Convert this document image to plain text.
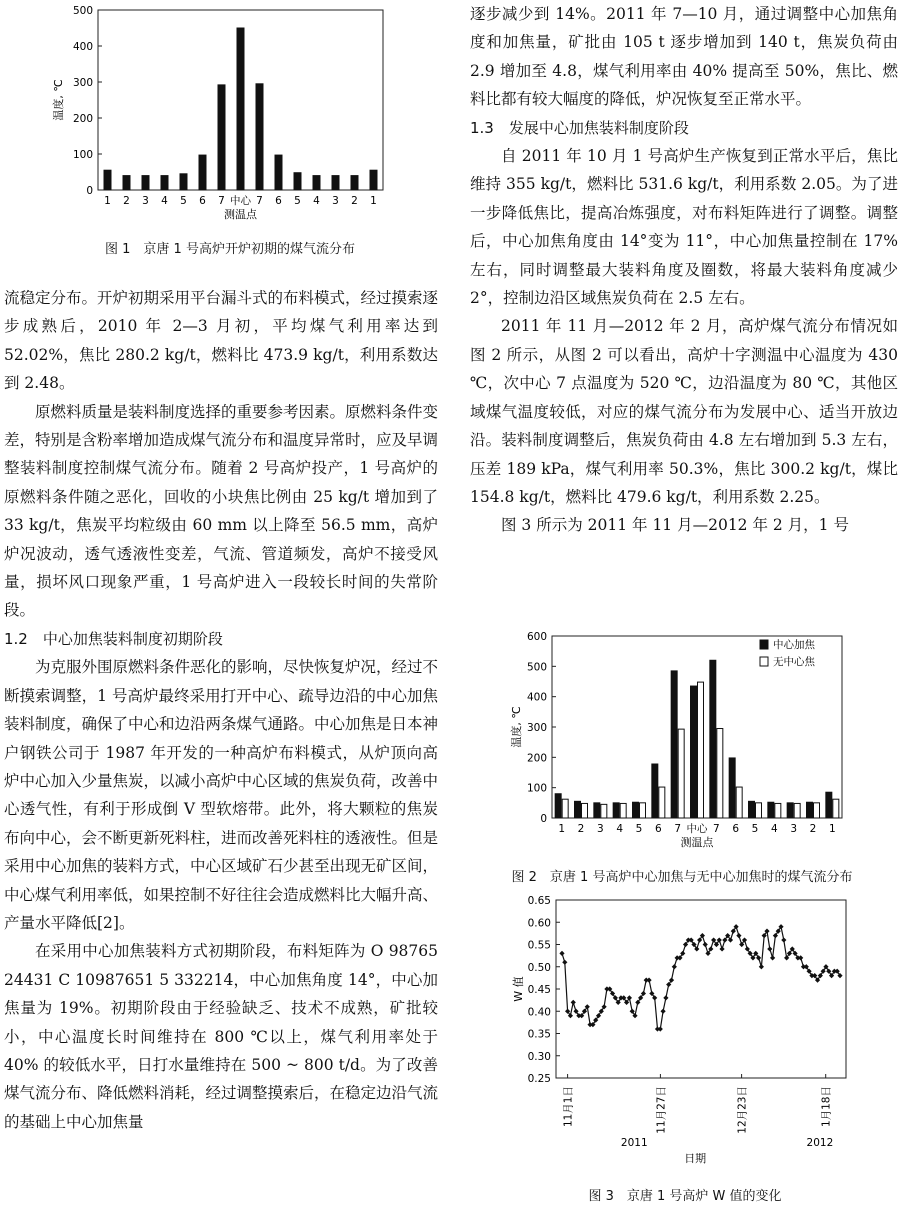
0
100
200
300
400
500
1 2 3 4 5 6 7 中心 7 6 5 4 3 2 1
测温点
温度, ℃
图 1　京唐 1 号高炉开炉初期的煤气流分布
流稳定分布。开炉初期采用平台漏斗式的布料模式，经过摸索逐步成熟后，2010 年 2—3 月初，平均煤气利用率达到 52.02%，焦比 280.2 kg/t，燃料比 473.9 kg/t，利用系数达到 2.48。
原燃料质量是装料制度选择的重要参考因素。原燃料条件变差，特别是含粉率增加造成煤气流分布和温度异常时，应及早调整装料制度控制煤气流分布。随着 2 号高炉投产，1 号高炉的原燃料条件随之恶化，回收的小块焦比例由 25 kg/t 增加到了 33 kg/t，焦炭平均粒级由 60 mm 以上降至 56.5 mm，高炉炉况波动，透气透液性变差，气流、管道频发，高炉不接受风量，损坏风口现象严重，1 号高炉进入一段较长时间的失常阶段。
1.2　中心加焦装料制度初期阶段
为克服外围原燃料条件恶化的影响，尽快恢复炉况，经过不断摸索调整，1 号高炉最终采用打开中心、疏导边沿的中心加焦装料制度，确保了中心和边沿两条煤气通路。中心加焦是日本神户钢铁公司于 1987 年开发的一种高炉布料模式，从炉顶向高炉中心加入少量焦炭，以减小高炉中心区域的焦炭负荷，改善中心透气性，有利于形成倒 V 型软熔带。此外，将大颗粒的焦炭布向中心，会不断更新死料柱，进而改善死料柱的透液性。但是采用中心加焦的装料方式，中心区域矿石少甚至出现无矿区间，中心煤气利用率低，如果控制不好往往会造成燃料比大幅升高、产量水平降低[2]。
在采用中心加焦装料方式初期阶段，布料矩阵为 O 98765 24431 C 10987651 5 332214，中心加焦角度 14°，中心加焦量为 19%。初期阶段由于经验缺乏、技术不成熟，矿批较小，中心温度长时间维持在 800 ℃以上，煤气利用率处于 40% 的较低水平，日打水量维持在 500 ~ 800 t/d。为了改善煤气流分布、降低燃料消耗，经过调整摸索后，在稳定边沿气流的基础上中心加焦量
逐步减少到 14%。2011 年 7—10 月，通过调整中心加焦角度和加焦量，矿批由 105 t 逐步增加到 140 t，焦炭负荷由 2.9 增加至 4.8，煤气利用率由 40% 提高至 50%，焦比、燃料比都有较大幅度的降低，炉况恢复至正常水平。
1.3　发展中心加焦装料制度阶段
自 2011 年 10 月 1 号高炉生产恢复到正常水平后，焦比维持 355 kg/t，燃料比 531.6 kg/t，利用系数 2.05。为了进一步降低焦比，提高冶炼强度，对布料矩阵进行了调整。调整后，中心加焦角度由 14°变为 11°，中心加焦量控制在 17% 左右，同时调整最大装料角度及圈数，将最大装料角度减少 2°，控制边沿区域焦炭负荷在 2.5 左右。
2011 年 11 月—2012 年 2 月，高炉煤气流分布情况如图 2 所示，从图 2 可以看出，高炉十字测温中心温度为 430 ℃，次中心 7 点温度为 520 ℃，边沿温度为 80 ℃，其他区域煤气温度较低，对应的煤气流分布为发展中心、适当开放边沿。装料制度调整后，焦炭负荷由 4.8 左右增加到 5.3 左右，压差 189 kPa，煤气利用率 50.3%，焦比 300.2 kg/t，煤比 154.8 kg/t，燃料比 479.6 kg/t，利用系数 2.25。
图 3 所示为 2011 年 11 月—2012 年 2 月，1 号
0
100
200
300
400
500
600
1 2 3 4 5 6 7 中心 7 6 5 4 3 2 1
测温点
温度, ℃
中心加焦
无中心焦
图 2　京唐 1 号高炉中心加焦与无中心加焦时的煤气流分布
0.25
0.30
0.35
0.40
0.45
0.50
0.55
0.60
0.65
11月1日	11月27日	12月23日	1月18日
2011	2012
日期
W 值
图 3　京唐 1 号高炉 W 值的变化
